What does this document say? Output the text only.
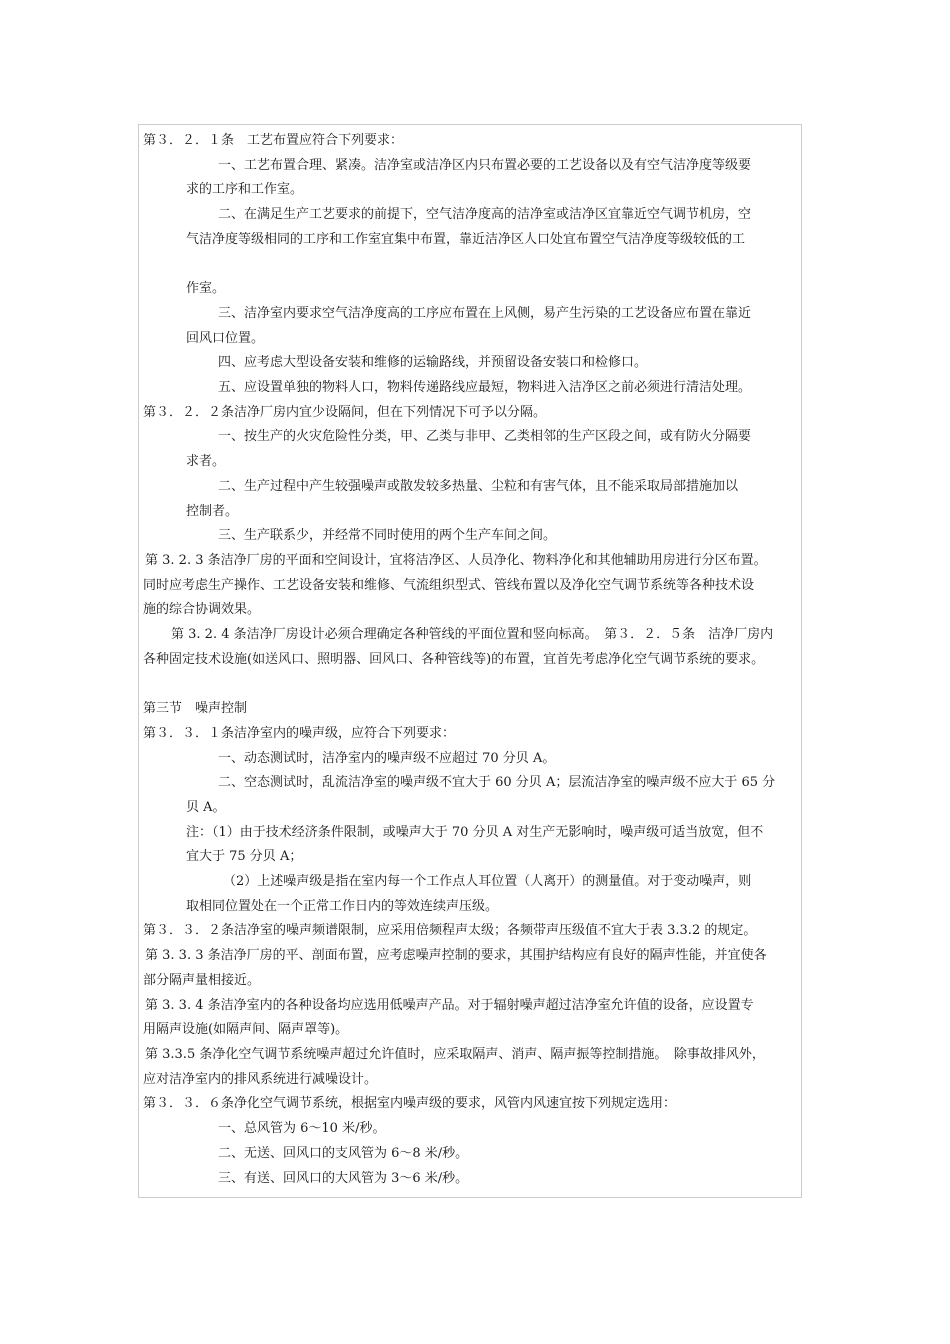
第３．２．１条　工艺布置应符合下列要求：
一、工艺布置合理、紧凑。洁净室或洁净区内只布置必要的工艺设备以及有空气洁净度等级要
求的工序和工作室。
二、在满足生产工艺要求的前提下，空气洁净度高的洁净室或洁净区宜靠近空气调节机房，空
气洁净度等级相同的工序和工作室宜集中布置，靠近洁净区人口处宜布置空气洁净度等级较低的工
作室。
三、洁净室内要求空气洁净度高的工序应布置在上风侧，易产生污染的工艺设备应布置在靠近
回风口位置。
四、应考虑大型设备安装和维修的运输路线，并预留设备安装口和检修口。
五、应设置单独的物料人口，物料传递路线应最短，物料进入洁净区之前必须进行清洁处理。
第３．２．２条洁净厂房内宜少设隔间，但在下列情况下可予以分隔。
一、按生产的火灾危险性分类，甲、乙类与非甲、乙类相邻的生产区段之间，或有防火分隔要
求者。
二、生产过程中产生较强噪声或散发较多热量、尘粒和有害气体，且不能采取局部措施加以
控制者。
三、生产联系少，并经常不同时使用的两个生产车间之间。
第 3. 2. 3 条洁净厂房的平面和空间设计，宜将洁净区、人员净化、物料净化和其他辅助用房进行分区布置。
同时应考虑生产操作、工艺设备安装和维修、气流组织型式、管线布置以及净化空气调节系统等各种技术设
施的综合协调效果。
第 3. 2. 4 条洁净厂房设计必须合理确定各种管线的平面位置和竖向标高。　第３．２．５条　洁净厂房内
各种固定技术设施(如送风口、照明器、回风口、各种管线等)的布置，宜首先考虑净化空气调节系统的要求。
第三节　噪声控制
第３．３．１条洁净室内的噪声级，应符合下列要求：
一、动态测试时，洁净室内的噪声级不应超过 70 分贝 A。
二、空态测试时，乱流洁净室的噪声级不宜大于 60 分贝 A；层流洁净室的噪声级不应大于 65 分
贝 A。
注：（1）由于技术经济条件限制，或噪声大于 70 分贝 A 对生产无影响时，噪声级可适当放宽，但不
宜大于 75 分贝 A；
（2）上述噪声级是指在室内每一个工作点人耳位置（人离开）的测量值。对于变动噪声，则
取相同位置处在一个正常工作日内的等效连续声压级。
第３．３．２条洁净室的噪声频谱限制，应采用倍频程声太级；各频带声压级值不宜大于表 3.3.2 的规定。
第 3. 3. 3 条洁净厂房的平、剖面布置，应考虑噪声控制的要求，其围护结构应有良好的隔声性能，并宜使各
部分隔声量相接近。
第 3. 3. 4 条洁净室内的各种设备均应选用低噪声产品。对于辐射噪声超过洁净室允许值的设备，应设置专
用隔声设施(如隔声间、隔声罩等)。
第 3.3.5 条净化空气调节系统噪声超过允许值时，应采取隔声、消声、隔声振等控制措施。　除事故排风外，
应对洁净室内的排风系统进行减噪设计。
第３．３．６条净化空气调节系统，根据室内噪声级的要求，风管内风速宜按下列规定选用：
一、总风管为 6～10 米/秒。
二、无送、回风口的支风管为 6～8 米/秒。
三、有送、回风口的大风管为 3～6 米/秒。
